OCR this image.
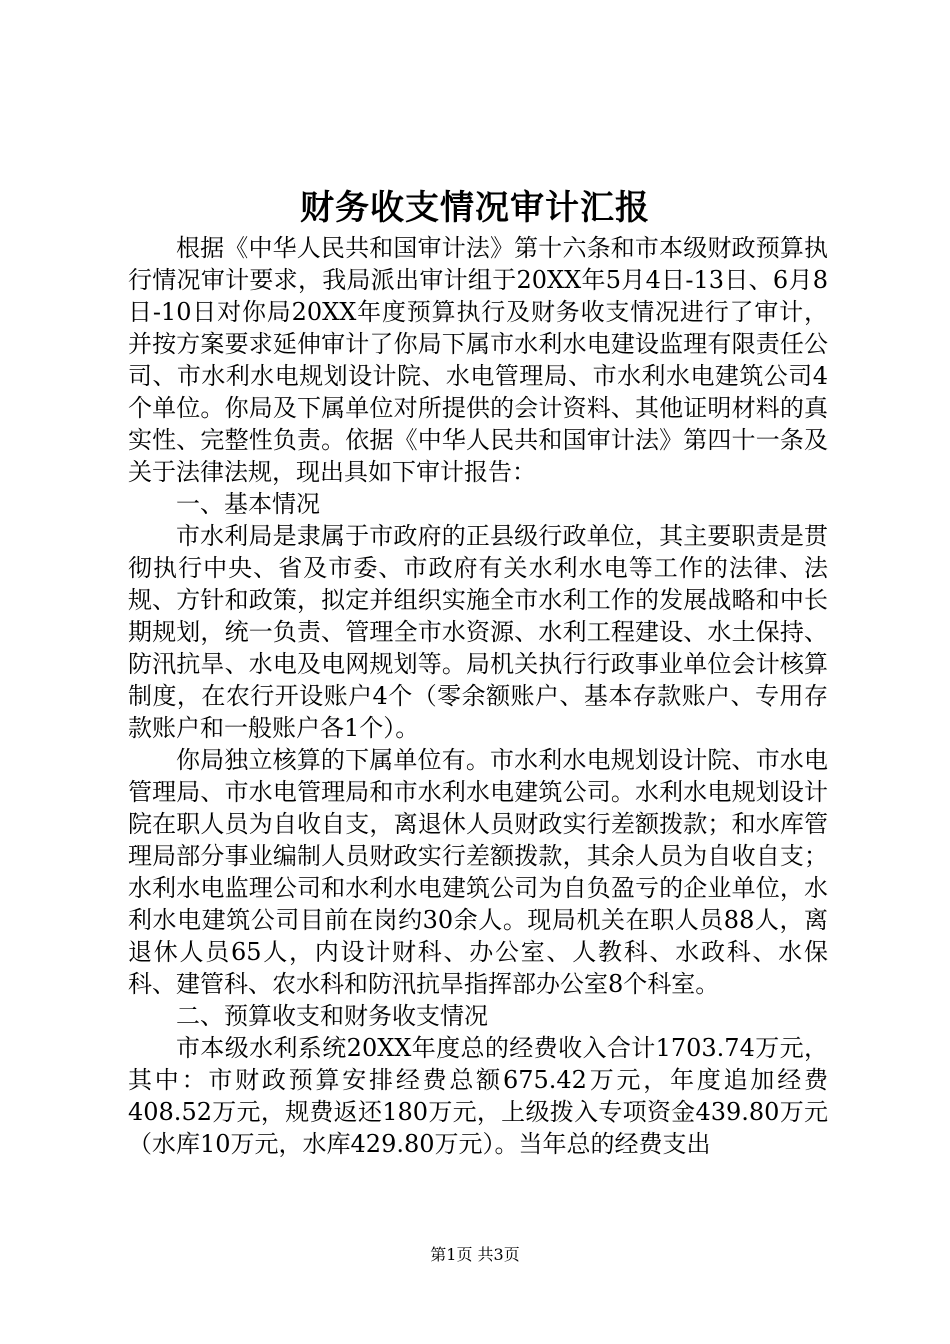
财务收支情况审计汇报

根据《中华人民共和国审计法》第十六条和市本级财政预算执行情况审计要求，我局派出审计组于20XX年5月4日-13日、6月8日-10日对你局20XX年度预算执行及财务收支情况进行了审计，并按方案要求延伸审计了你局下属市水利水电建设监理有限责任公司、市水利水电规划设计院、水电管理局、市水利水电建筑公司4个单位。你局及下属单位对所提供的会计资料、其他证明材料的真实性、完整性负责。依据《中华人民共和国审计法》第四十一条及关于法律法规，现出具如下审计报告：

一、基本情况

市水利局是隶属于市政府的正县级行政单位，其主要职责是贯彻执行中央、省及市委、市政府有关水利水电等工作的法律、法规、方针和政策，拟定并组织实施全市水利工作的发展战略和中长期规划，统一负责、管理全市水资源、水利工程建设、水土保持、防汛抗旱、水电及电网规划等。局机关执行行政事业单位会计核算制度，在农行开设账户4个（零余额账户、基本存款账户、专用存款账户和一般账户各1个）。

你局独立核算的下属单位有。市水利水电规划设计院、市水电管理局、市水电管理局和市水利水电建筑公司。水利水电规划设计院在职人员为自收自支，离退休人员财政实行差额拨款；和水库管理局部分事业编制人员财政实行差额拨款，其余人员为自收自支；水利水电监理公司和水利水电建筑公司为自负盈亏的企业单位，水利水电建筑公司目前在岗约30余人。现局机关在职人员88人，离退休人员65人，内设计财科、办公室、人教科、水政科、水保科、建管科、农水科和防汛抗旱指挥部办公室8个科室。

二、预算收支和财务收支情况

市本级水利系统20XX年度总的经费收入合计1703.74万元，其中：市财政预算安排经费总额675.42万元，年度追加经费408.52万元，规费返还180万元，上级拨入专项资金439.80万元（水库10万元，水库429.80万元）。当年总的经费支出

第1页 共3页
